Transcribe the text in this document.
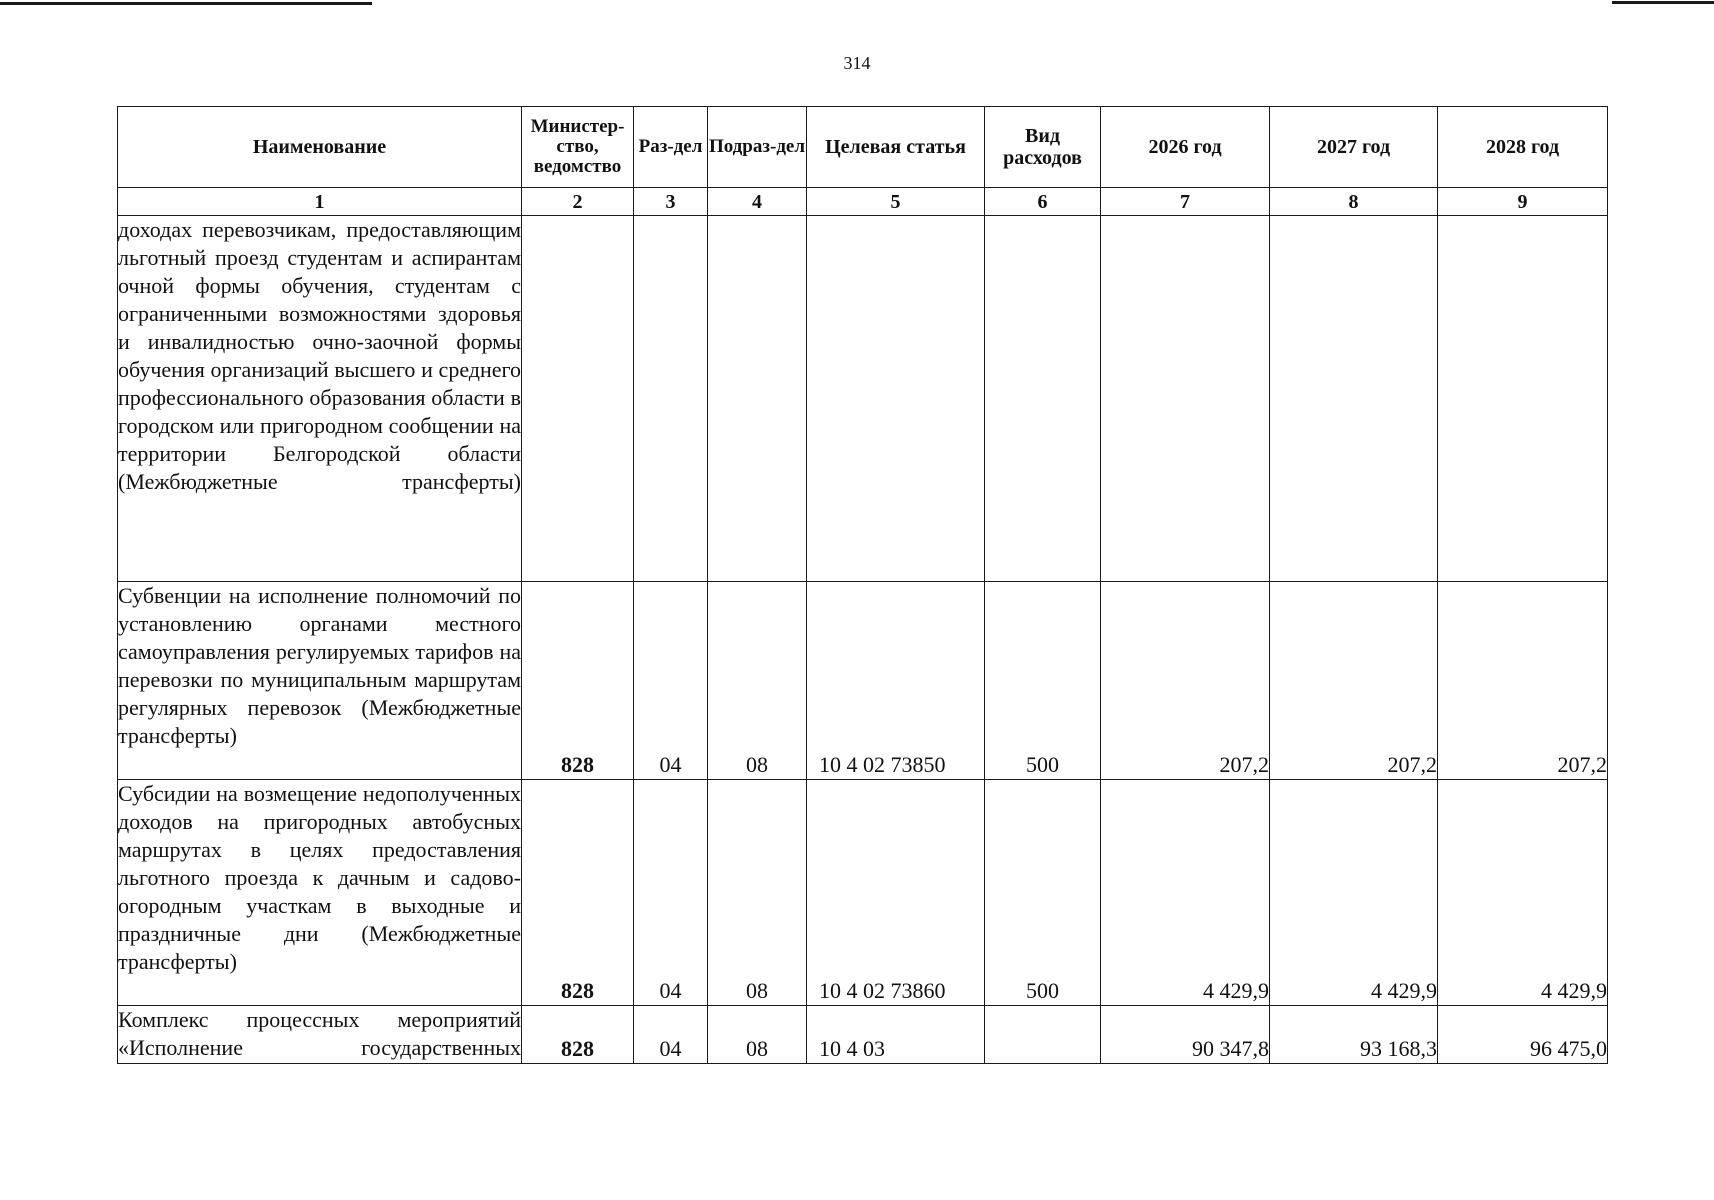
314
Наименование	Министер-ство, ведомство	Раз-дел	Подраз-дел	Целевая статья	Вид расходов	2026 год	2027 год	2028 год
1	2	3	4	5	6	7	8	9
доходах перевозчикам, предоставляющим льготный проезд студентам и аспирантам очной формы обучения, студентам с ограниченными возможностями здоровья и инвалидностью очно-заочной формы обучения организаций высшего и среднего профессионального образования области в городском или пригородном сообщении на территории Белгородской области (Межбюджетные трансферты)								
Субвенции на исполнение полномочий по установлению органами местного самоуправления регулируемых тарифов на перевозки по муниципальным маршрутам регулярных перевозок (Межбюджетные трансферты)	828	04	08	10 4 02 73850	500	207,2	207,2	207,2
Субсидии на возмещение недополученных доходов на пригородных автобусных маршрутах в целях предоставления льготного проезда к дачным и садово-огородным участкам в выходные и праздничные дни (Межбюджетные трансферты)	828	04	08	10 4 02 73860	500	4 429,9	4 429,9	4 429,9
Комплекс процессных мероприятий «Исполнение государственных	828	04	08	10 4 03		90 347,8	93 168,3	96 475,0
